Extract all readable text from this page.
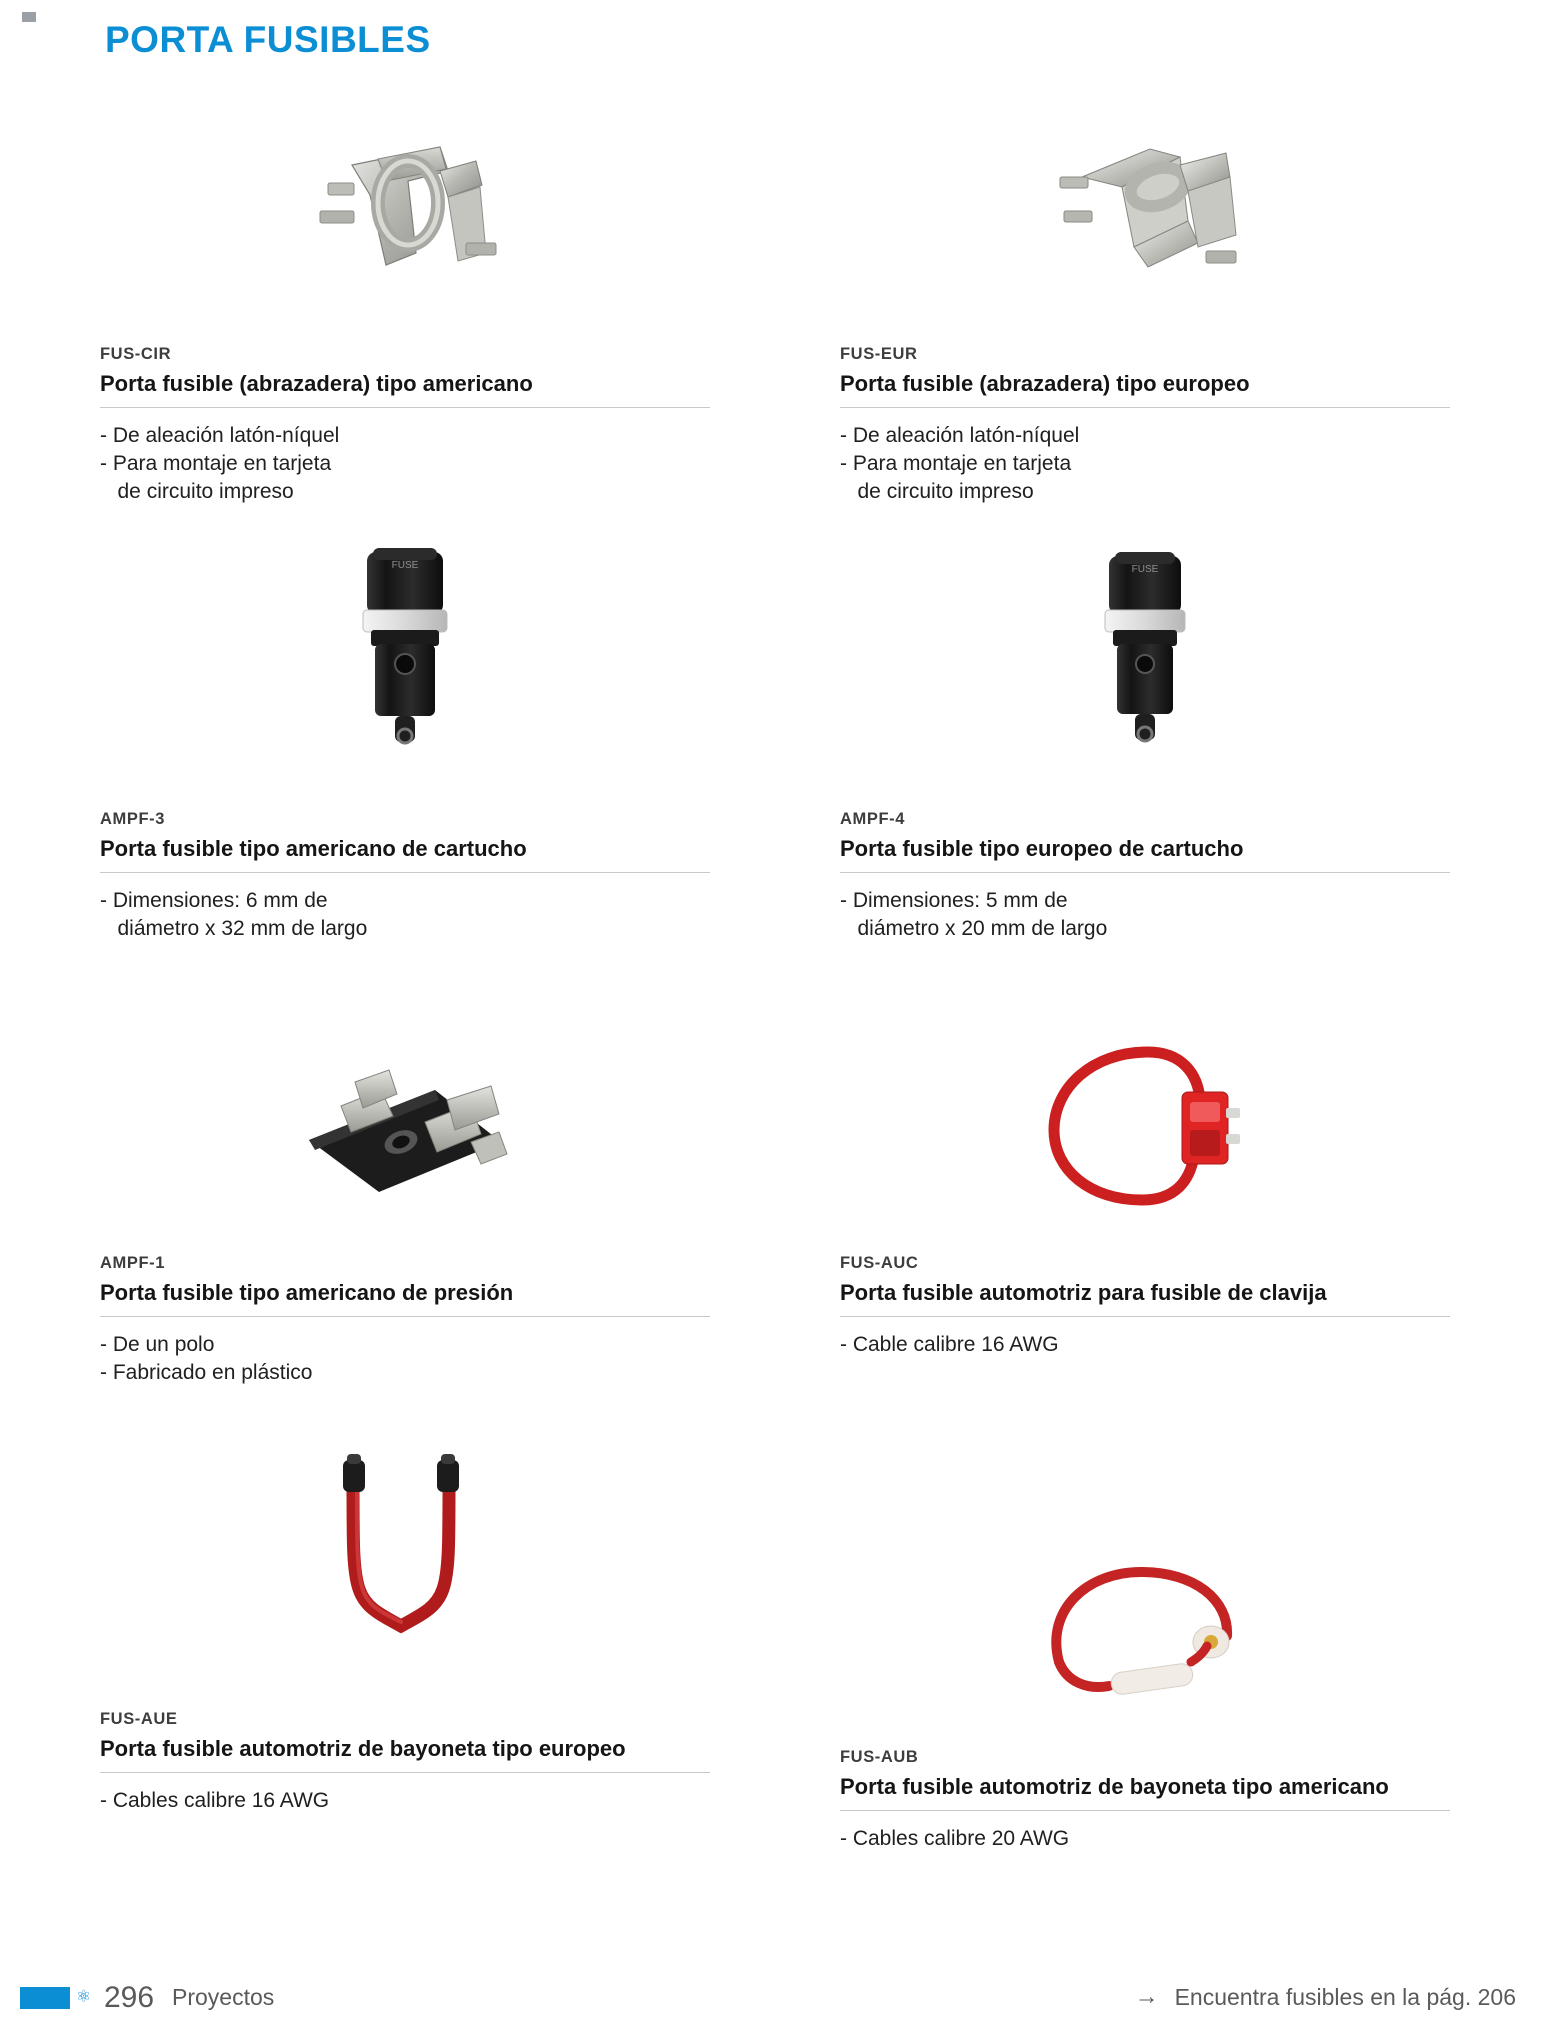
PORTA FUSIBLES
FUS-CIR
Porta fusible (abrazadera) tipo americano
- De aleación latón-níquel
- Para montaje en tarjeta
de circuito impreso
FUS-EUR
Porta fusible (abrazadera) tipo europeo
- De aleación latón-níquel
- Para montaje en tarjeta
de circuito impreso
FUSE
AMPF-3
Porta fusible tipo americano de cartucho
- Dimensiones: 6 mm de
diámetro x 32 mm de largo
FUSE
AMPF-4
Porta fusible tipo europeo de cartucho
- Dimensiones: 5 mm de
diámetro x 20 mm de largo
AMPF-1
Porta fusible tipo americano de presión
- De un polo
- Fabricado en plástico
FUS-AUC
Porta fusible automotriz para fusible de clavija
- Cable calibre 16 AWG
FUS-AUE
Porta fusible automotriz de bayoneta tipo europeo
- Cables calibre 16 AWG
FUS-AUB
Porta fusible automotriz de bayoneta tipo americano
- Cables calibre 20 AWG
⚛ 296 Proyectos	→ Encuentra fusibles en la pág. 206
